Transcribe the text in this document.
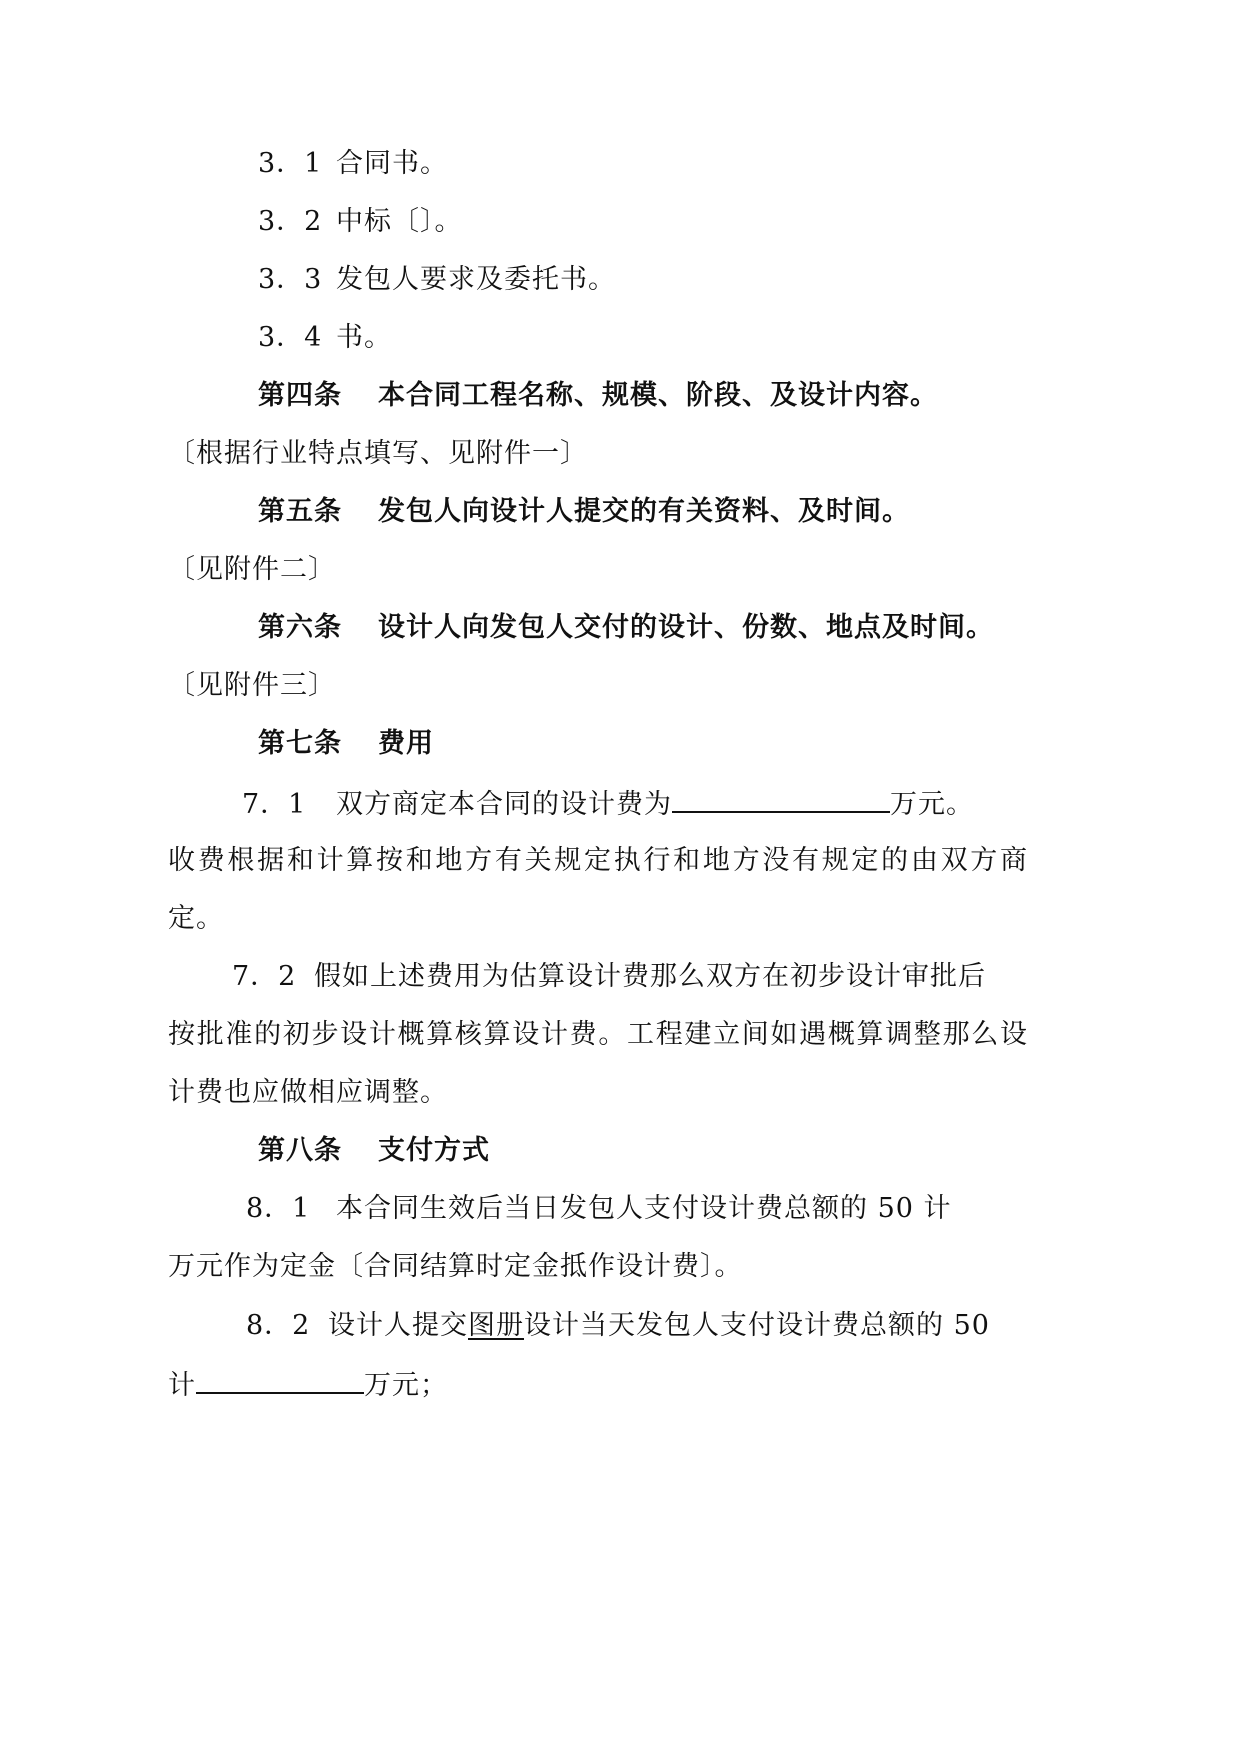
3．1 合同书。

3．2 中标〔〕。

3．3 发包人要求及委托书。

3．4 书。

第四条 本合同工程名称、规模、阶段、及设计内容。

〔根据行业特点填写、见附件一〕

第五条 发包人向设计人提交的有关资料、及时间。

〔见附件二〕

第六条 设计人向发包人交付的设计、份数、地点及时间。

〔见附件三〕

第七条 费用

7．1 双方商定本合同的设计费为	万元。

收费根据和计算按和地方有关规定执行和地方没有规定的由双方商

定。

7．2 假如上述费用为估算设计费那么双方在初步设计审批后

按批准的初步设计概算核算设计费。工程建立间如遇概算调整那么设

计费也应做相应调整。

第八条 支付方式

8．1 本合同生效后当日发包人支付设计费总额的 50 计

万元作为定金〔合同结算时定金抵作设计费〕。

8．2 设计人提交图册设计当天发包人支付设计费总额的 50

计	万元；
